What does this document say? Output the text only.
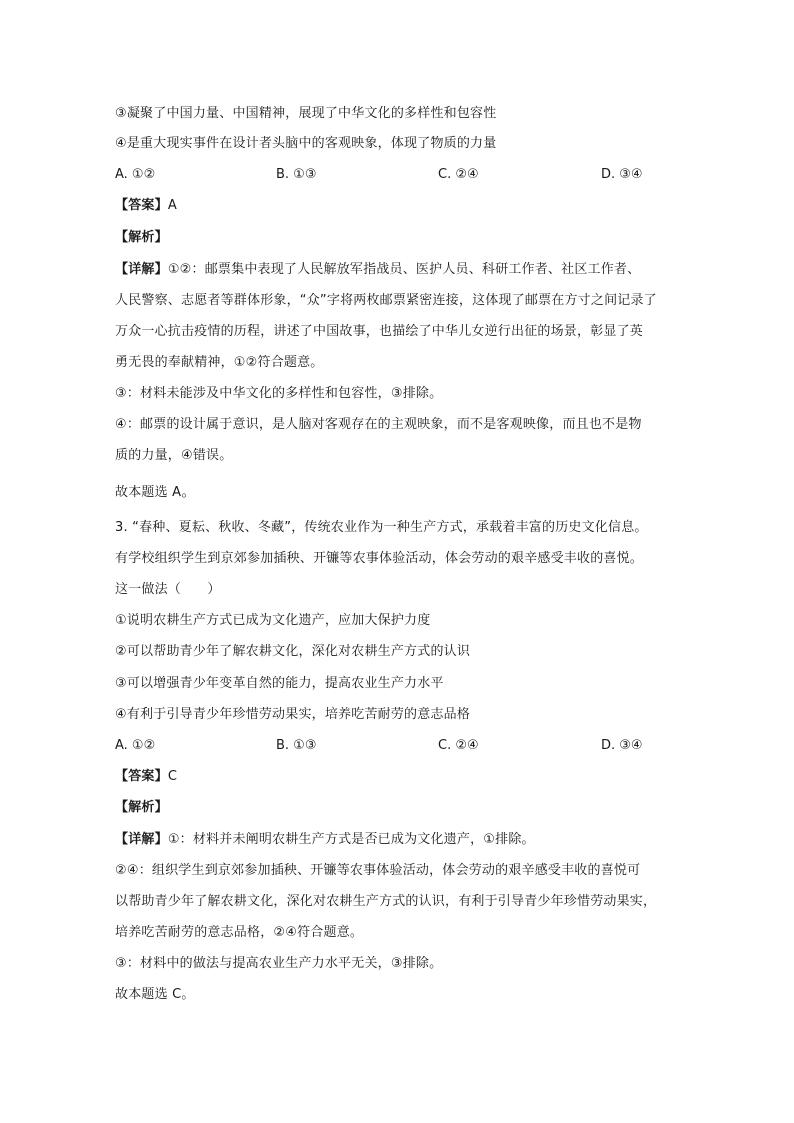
③凝聚了中国力量、中国精神，展现了中华文化的多样性和包容性
④是重大现实事件在设计者头脑中的客观映象，体现了物质的力量
A. ①②	B. ①③	C. ②④	D. ③④
【答案】A
【解析】
【详解】①②：邮票集中表现了人民解放军指战员、医护人员、科研工作者、社区工作者、
人民警察、志愿者等群体形象，“众”字将两枚邮票紧密连接，这体现了邮票在方寸之间记录了
万众一心抗击疫情的历程，讲述了中国故事，也描绘了中华儿女逆行出征的场景，彰显了英
勇无畏的奉献精神，①②符合题意。
③：材料未能涉及中华文化的多样性和包容性，③排除。
④：邮票的设计属于意识，是人脑对客观存在的主观映象，而不是客观映像，而且也不是物
质的力量，④错误。
故本题选 A。
3. “春种、夏耘、秋收、冬藏”，传统农业作为一种生产方式，承载着丰富的历史文化信息。
有学校组织学生到京郊参加插秧、开镰等农事体验活动，体会劳动的艰辛感受丰收的喜悦。
这一做法（　　）
①说明农耕生产方式已成为文化遗产，应加大保护力度
②可以帮助青少年了解农耕文化，深化对农耕生产方式的认识
③可以增强青少年变革自然的能力，提高农业生产力水平
④有利于引导青少年珍惜劳动果实，培养吃苦耐劳的意志品格
A. ①②	B. ①③	C. ②④	D. ③④
【答案】C
【解析】
【详解】①：材料并未阐明农耕生产方式是否已成为文化遗产，①排除。
②④：组织学生到京郊参加插秧、开镰等农事体验活动，体会劳动的艰辛感受丰收的喜悦可
以帮助青少年了解农耕文化，深化对农耕生产方式的认识，有利于引导青少年珍惜劳动果实，
培养吃苦耐劳的意志品格，②④符合题意。
③：材料中的做法与提高农业生产力水平无关，③排除。
故本题选 C。
